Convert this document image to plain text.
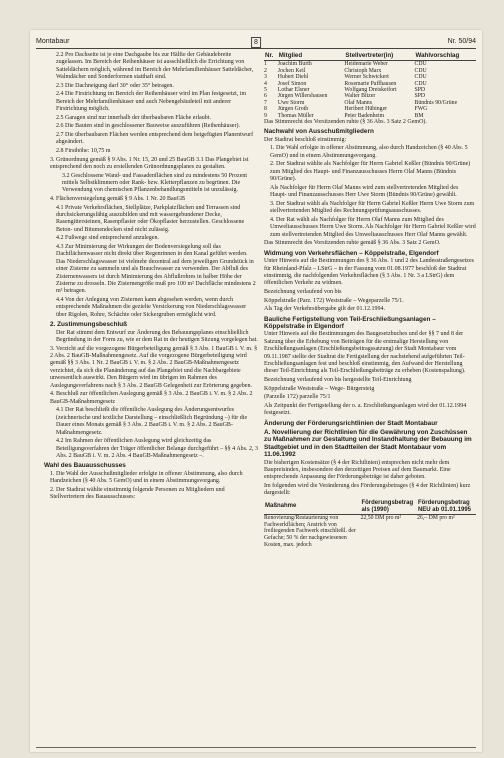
Montabaur	8	Nr. 50/94
2.2 Pro Dachseite ist je eine Dachgaube bis zur Hälfte der Gebäudebreite zugelassen. Im Bereich der Reihenhäuser ist ausschließlich die Errichtung von Satteldächern möglich, während im Bereich der Mehrfamilienhäuser Satteldächer, Walmdächer und Sonderformen statthaft sind.
2.3 Die Dachneigung darf 30° oder 35° betragen.
2.4 Die Firstrichtung im Bereich der Reihenhäuser wird im Plan festgesetzt, im Bereich der Mehrfamilienhäuser und auch Nebengebäudeteil mit anderer Firstrichtung möglich.
2.5 Garagen sind nur innerhalb der überbaubaren Fläche erlaubt.
2.6 Die Bauten sind in geschlossener Bauweise auszuführen (Reihenhäuser).
2.7 Die überbaubaren Flächen werden entsprechend dem beigefügten Planentwurf abgeändert.
2.8 Firsthöhe: 10,75 m
3. Grünordnung gemäß § 9 Abs. 1 Nr. 15, 20 und 25 BauGB 3.1 Das Plangebiet ist entsprechend den noch zu erstellenden Grünordnungsplanes zu gestalten.
3.2 Geschlossene Wand- und Fassadenflächen sind zu mindestens 50 Prozent mittels Selbstklimmern oder Rank- bzw. Kletterpflanzen zu begrünen. Die Verwendung von chemischen Pflanzenbehandlungsmitteln ist unzulässig.
4. Flächenversiegelung gemäß § 9 Abs. 1 Nr. 20 BauGB
4.1 Private Verkehrsflächen, Stellplätze, Parkplatzflächen und Terrassen sind durchsickerungsfähig auszubilden und mit wassergebundener Decke, Rasengittersteinen, Rasenpflaster oder Ökopflaster herzustellen. Geschlossene Beton- und Bitumendecken sind nicht zulässig.
4.2 Fußwege sind entsprechend anzulegen.
4.3 Zur Minimierung der Wirkungen der Bodenversiegelung soll das Dachflächenwasser nicht direkt über Regenrinnen in den Kanal geführt werden. Das Niederschlagswasser ist vielmehr dezentral auf dem jeweiligen Grundstück in einer Zisterne zu sammeln und als Brauchwasser zu verwenden. Der Abfluß des Zisternenwassers ist durch Minimierung des Abflußrohres in halber Höhe der Zisterne zu drosseln. Die Zisternengröße muß pro 100 m² Dachfläche mindestens 2 m³ betragen.
4.4 Von der Anlegung von Zisternen kann abgesehen werden, wenn durch entsprechende Maßnahmen die gezielte Versickerung von Niederschlagswasser über Rigolen, Rohre, Schächte oder Sickergruben ermöglicht wird.
2. Zustimmungsbeschluß
Der Rat stimmt dem Entwurf zur Änderung des Bebauungsplanes einschließlich Begründung in der Form zu, wie er dem Rat in der heutigen Sitzung vorgelegen hat.
3. Verzicht auf die vorgezogene Bürgerbeteiligung gemäß § 3 Abs. 1 BauGB i. V. m. § 2 Abs. 2 BauGB-Maßnahmengesetz. Auf die vorgezogene Bürgerbeteiligung wird gemäß §§ 3 Abs. 1 Nr. 2 BauGB i. V. m. § 2 Abs. 2 BauGB-Maßnahmengesetz verzichtet, da sich die Planänderung auf das Plangebiet und die Nachbargebiete unwesentlich auswirkt. Den Bürgern wird im übrigen im Rahmen des Auslegungsverfahrens nach § 3 Abs. 2 BauGB Gelegenheit zur Erörterung gegeben.
4. Beschluß zur öffentlichen Auslegung gemäß § 3 Abs. 2 BauGB i. V. m. § 2 Abs. 2 BauGB-Maßnahmengesetz
4.1 Der Rat beschließt die öffentliche Auslegung des Änderungsentwurfes (zeichnerische und textliche Darstellung – einschließlich Begründung –) für die Dauer eines Monats gemäß § 3 Abs. 2 BauGB i. V. m. § 2 Abs. 2 BauGB-Maßnahmengesetz.
4.2 Im Rahmen der öffentlichen Auslegung wird gleichzeitig das Beteiligungsverfahren der Träger öffentlicher Belange durchgeführt – §§ 4 Abs. 2, 3 Abs. 2 BauGB i. V. m. 2 Abs. 4 BauGB-Maßnahmengesetz –.
Wahl des Bauausschusses
1. Die Wahl der Ausschußmitglieder erfolgte in offener Abstimmung, also durch Handzeichen (§ 40 Abs. 5 GemO) und in einem Abstimmungsvorgang.
2. Der Stadtrat wählte einstimmig folgende Personen zu Mitgliedern und Stellvertretern des Bauausschusses:
Nr.	Mitglied	Stellvertreter(in)	Wahlvorschlag
1	Joachim Burth	Heidemarie Weber	CDU
2	Jochen Keil	Christoph Marx	CDU
3	Hubert Diehl	Werner Schwickert	CDU
4	Josef Simon	Rosemarie Paffhausen	CDU
5	Lothar Elsner	Wolfgang Dreiskeifort	SPD
6	Jürgen Willershausen	Walter Bitzer	SPD
7	Uwe Storm	Olaf Manns	Bündnis 90/Grüne
8	Jürgen Groth	Heribert Hübinger	FWG
9	Thomas Müller	Peter Badenheim	BM
Das Stimmrecht des Vorsitzenden ruhte (§ 36 Abs. 3 Satz 2 GemO).
Nachwahl von Ausschußmitgliedern
Der Stadtrat beschloß einstimmig:
1. Die Wahl erfolgte in offener Abstimmung, also durch Handzeichen (§ 40 Abs. 5 GemO) und in einem Abstimmungsvorgang.
2. Der Stadtrat wählte als Nachfolger für Herrn Gabriel Keßler (Bündnis 90/Grüne) zum Mitglied des Haupt- und Finanzausschusses Herrn Olaf Manns (Bündnis 90/Grüne).
Als Nachfolger für Herrn Olaf Manns wird zum stellvertretenden Mitglied des Haupt- und Finanzausschusses Herr Uwe Storm (Bündnis 90/Grüne) gewählt.
3. Der Stadtrat wählt als Nachfolger für Herrn Gabriel Keßler Herrn Uwe Storm zum stellvertretenden Mitglied des Rechnungsprüfungsausschusses.
4. Der Rat wählt als Nachfolger für Herrn Olaf Manns zum Mitglied des Umweltausschusses Herrn Uwe Storm. Als Nachfolger für Herrn Gabriel Keßler wird zum stellvertretenden Mitglied des Umweltausschusses Herr Olaf Manns gewählt.
Das Stimmrecht des Vorsitzenden ruhte gemäß § 36 Abs. 3 Satz 2 GemO.
Widmung von Verkehrsflächen – Köppelstraße, Elgendorf
Unter Hinweis auf die Bestimmungen des § 36 Abs. 1 und 2 des Landesstraßengesetzes für Rheinland-Pfalz – LStrG – in der Fassung vom 01.08.1977 beschloß der Stadtrat einstimmig, die nachfolgenden Verkehrsflächen (§ 3 Abs. 1 Nr. 3 a LStrG) dem öffentlichen Verkehr zu widmen.
Bezeichnung verlaufend von bis
Köppelstraße (Parz. 172) Weststraße – Wegeparzelle 75/1.
Als Tag der Verkehrsübergabe gilt der 01.12.1994.
Bauliche Fertigstellung von Teil-Erschließungsanlagen – Köppelstraße in Elgendorf
Unter Hinweis auf die Bestimmungen des Baugesetzbuches und der §§ 7 und 8 der Satzung über die Erhebung von Beiträgen für die erstmalige Herstellung von Erschließungsanlagen (Erschließungsbeitragssatzung) der Stadt Montabaur vom 09.11.1987 stellte der Stadtrat die Fertigstellung der nachstehend aufgeführten Teil-Erschließungsanlagen fest und beschloß einstimmig, den Aufwand der Herstellung dieser Teil-Einrichtung als Teil-Erschließungsbeiträge zu erheben (Kostenspaltung).
Bezeichnung verlaufend von bis hergestellte Teil-Einrichtung
Köppelstraße Weststraße – Wege- Bürgersteig
(Parzelle 172) parzelle 75/1
Als Zeitpunkt der Fertigstellung der o. a. Erschließungsanlagen wird der 01.12.1994 festgesetzt.
Änderung der Förderungsrichtlinien der Stadt Montabaur
A. Novellierung der Richtlinien für die Gewährung von Zuschüssen zu Maßnahmen zur Gestaltung und Instandhaltung der Bebauung im Stadtgebiet und in den Stadtteilen der Stadt Montabaur vom 11.06.1992
Die bisherigen Kostensätze (§ 4 der Richtlinien) entsprechen nicht mehr dem Baupreisindex, insbesondere den derzeitigen Preisen auf dem Baumarkt. Eine entsprechende Anpassung der Förderungsbeträge ist daher geboten.
Im folgenden wird die Veränderung des Förderungsbetrages (§ 4 der Richtlinien) kurz dargestellt:
Maßnahme	Förderungsbetrag als (1990)	Förderungsbetrag NEU ab 01.01.1995
Renovierung/Restaurierung von Fachwerkflächen; Anstrich von freiliegenden Fachwerk einschließl. der Gefache; 50 % der nachgewiesenen Kosten, max. jedoch	22,50 DM pro m²	26,– DM pro m²
